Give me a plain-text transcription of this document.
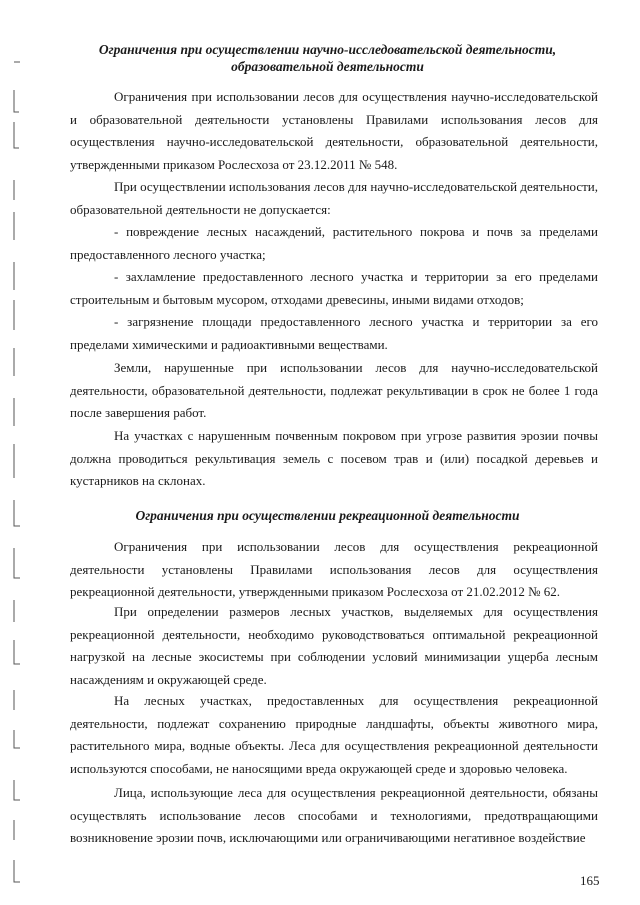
Ограничения при осуществлении научно-исследовательской деятельности,
образовательной деятельности
Ограничения при использовании лесов для осуществления научно-исследовательской и образовательной деятельности установлены Правилами использования лесов для осуществления научно-исследовательской деятельности, образовательной деятельности, утвержденными приказом Рослесхоза от 23.12.2011 № 548.
При осуществлении использования лесов для научно-исследовательской деятельности, образовательной деятельности не допускается:
- повреждение лесных насаждений, растительного покрова и почв за пределами предоставленного лесного участка;
- захламление предоставленного лесного участка и территории за его пределами строительным и бытовым мусором, отходами древесины, иными видами отходов;
- загрязнение площади предоставленного лесного участка и территории за его пределами химическими и радиоактивными веществами.
Земли, нарушенные при использовании лесов для научно-исследовательской деятельности, образовательной деятельности, подлежат рекультивации в срок не более 1 года после завершения работ.
На участках с нарушенным почвенным покровом при угрозе развития эрозии почвы должна проводиться рекультивация земель с посевом трав и (или) посадкой деревьев и кустарников на склонах.
Ограничения при осуществлении рекреационной деятельности
Ограничения при использовании лесов для осуществления рекреационной деятельности установлены Правилами использования лесов для осуществления рекреационной деятельности, утвержденными приказом Рослесхоза от 21.02.2012 № 62.
При определении размеров лесных участков, выделяемых для осуществления рекреационной деятельности, необходимо руководствоваться оптимальной рекреационной нагрузкой на лесные экосистемы при соблюдении условий минимизации ущерба лесным насаждениям и окружающей среде.
На лесных участках, предоставленных для осуществления рекреационной деятельности, подлежат сохранению природные ландшафты, объекты животного мира, растительного мира, водные объекты. Леса для осуществления рекреационной деятельности используются способами, не наносящими вреда окружающей среде и здоровью человека.
Лица, использующие леса для осуществления рекреационной деятельности, обязаны осуществлять использование лесов способами и технологиями, предотвращающими возникновение эрозии почв, исключающими или ограничивающими негативное воздействие
165
